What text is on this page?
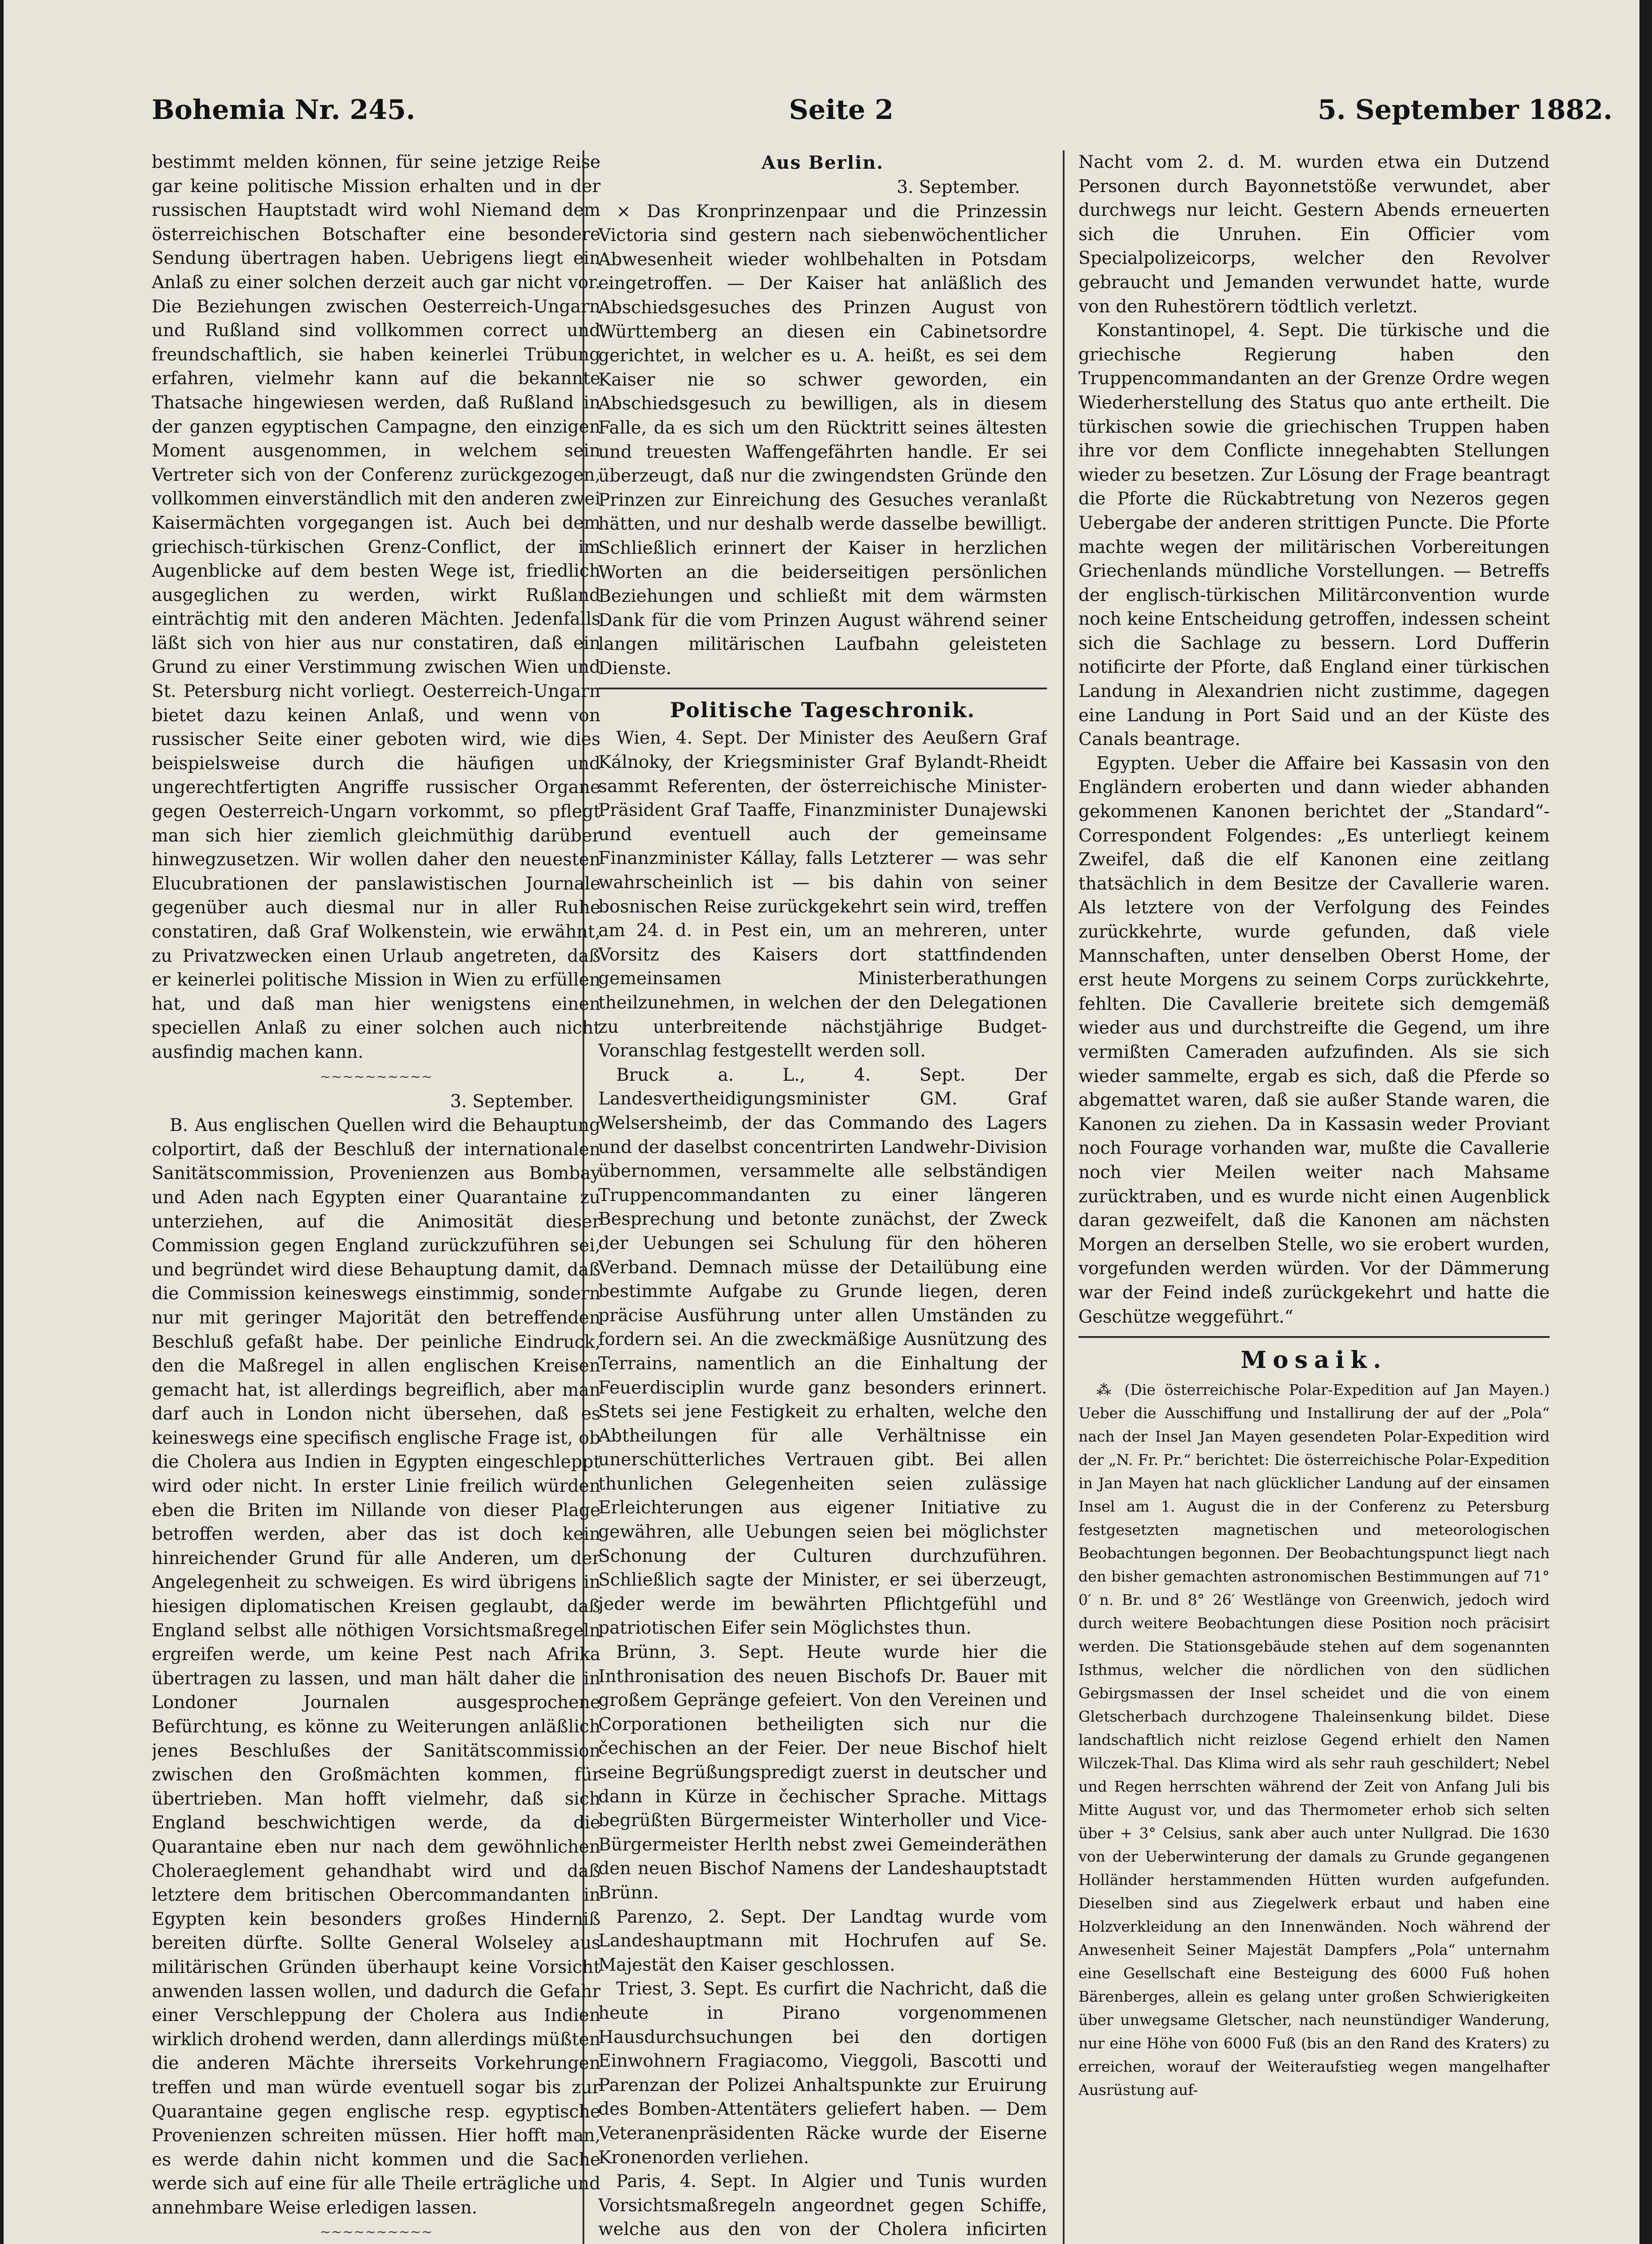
Bohemia Nr. 245.	Seite 2	5. September 1882.

bestimmt melden können, für seine jetzige Reise gar keine politische Mission erhalten und in der russischen Hauptstadt wird wohl Niemand dem österreichischen Botschafter eine besondere Sendung übertragen haben. Uebrigens liegt ein Anlaß zu einer solchen derzeit auch gar nicht vor. Die Beziehungen zwischen Oesterreich-Ungarn und Rußland sind vollkommen correct und freundschaftlich, sie haben keinerlei Trübung erfahren, vielmehr kann auf die bekannte Thatsache hingewiesen werden, daß Rußland in der ganzen egyptischen Campagne, den einzigen Moment ausgenommen, in welchem sein Vertreter sich von der Conferenz zurückgezogen, vollkommen einverständlich mit den anderen zwei Kaisermächten vorgegangen ist. Auch bei dem griechisch-türkischen Grenz-Conflict, der im Augenblicke auf dem besten Wege ist, friedlich ausgeglichen zu werden, wirkt Rußland einträchtig mit den anderen Mächten. Jedenfalls läßt sich von hier aus nur constatiren, daß ein Grund zu einer Verstimmung zwischen Wien und St. Petersburg nicht vorliegt. Oesterreich-Ungarn bietet dazu keinen Anlaß, und wenn von russischer Seite einer geboten wird, wie dies beispielsweise durch die häufigen und ungerechtfertigten Angriffe russischer Organe gegen Oesterreich-Ungarn vorkommt, so pflegt man sich hier ziemlich gleichmüthig darüber hinwegzusetzen. Wir wollen daher den neuesten Elucubrationen der panslawistischen Journale gegenüber auch diesmal nur in aller Ruhe constatiren, daß Graf Wolkenstein, wie erwähnt, zu Privatzwecken einen Urlaub angetreten, daß er keinerlei politische Mission in Wien zu erfüllen hat, und daß man hier wenigstens einen speciellen Anlaß zu einer solchen auch nicht ausfindig machen kann.

∼∼∼∼∼∼∼∼∼∼

3. September.

B. Aus englischen Quellen wird die Behauptung colportirt, daß der Beschluß der internationalen Sanitätscommission, Provenienzen aus Bombay und Aden nach Egypten einer Quarantaine zu unterziehen, auf die Animosität dieser Commission gegen England zurückzuführen sei, und begründet wird diese Behauptung damit, daß die Commission keineswegs einstimmig, sondern nur mit geringer Majorität den betreffenden Beschluß gefaßt habe. Der peinliche Eindruck, den die Maßregel in allen englischen Kreisen gemacht hat, ist allerdings begreiflich, aber man darf auch in London nicht übersehen, daß es keineswegs eine specifisch englische Frage ist, ob die Cholera aus Indien in Egypten eingeschleppt wird oder nicht. In erster Linie freilich würden eben die Briten im Nillande von dieser Plage betroffen werden, aber das ist doch kein hinreichender Grund für alle Anderen, um der Angelegenheit zu schweigen. Es wird übrigens in hiesigen diplomatischen Kreisen geglaubt, daß England selbst alle nöthigen Vorsichtsmaßregeln ergreifen werde, um keine Pest nach Afrika übertragen zu lassen, und man hält daher die in Londoner Journalen ausgesprochene Befürchtung, es könne zu Weiterungen anläßlich jenes Beschlußes der Sanitätscommission zwischen den Großmächten kommen, für übertrieben. Man hofft vielmehr, daß sich England beschwichtigen werde, da die Quarantaine eben nur nach dem gewöhnlichen Choleraeglement gehandhabt wird und daß letztere dem britischen Obercommandanten in Egypten kein besonders großes Hinderniß bereiten dürfte. Sollte General Wolseley aus militärischen Gründen überhaupt keine Vorsicht anwenden lassen wollen, und dadurch die Gefahr einer Verschleppung der Cholera aus Indien wirklich drohend werden, dann allerdings müßten die anderen Mächte ihrerseits Vorkehrungen treffen und man würde eventuell sogar bis zur Quarantaine gegen englische resp. egyptische Provenienzen schreiten müssen. Hier hofft man, es werde dahin nicht kommen und die Sache werde sich auf eine für alle Theile erträgliche und annehmbare Weise erledigen lassen.

∼∼∼∼∼∼∼∼∼∼

Aus Berlin.

3. September.

× Das Kronprinzenpaar und die Prinzessin Victoria sind gestern nach siebenwöchentlicher Abwesenheit wieder wohlbehalten in Potsdam eingetroffen. — Der Kaiser hat anläßlich des Abschiedsgesuches des Prinzen August von Württemberg an diesen ein Cabinetsordre gerichtet, in welcher es u. A. heißt, es sei dem Kaiser nie so schwer geworden, ein Abschiedsgesuch zu bewilligen, als in diesem Falle, da es sich um den Rücktritt seines ältesten und treuesten Waffengefährten handle. Er sei überzeugt, daß nur die zwingendsten Gründe den Prinzen zur Einreichung des Gesuches veranlaßt hätten, und nur deshalb werde dasselbe bewilligt. Schließlich erinnert der Kaiser in herzlichen Worten an die beiderseitigen persönlichen Beziehungen und schließt mit dem wärmsten Dank für die vom Prinzen August während seiner langen militärischen Laufbahn geleisteten Dienste.

Politische Tageschronik.

Wien, 4. Sept. Der Minister des Aeußern Graf Kálnoky, der Kriegsminister Graf Bylandt-Rheidt sammt Referenten, der österreichische Minister-Präsident Graf Taaffe, Finanzminister Dunajewski und eventuell auch der gemeinsame Finanzminister Kállay, falls Letzterer — was sehr wahrscheinlich ist — bis dahin von seiner bosnischen Reise zurückgekehrt sein wird, treffen am 24. d. in Pest ein, um an mehreren, unter Vorsitz des Kaisers dort stattfindenden gemeinsamen Ministerberathungen theilzunehmen, in welchen der den Delegationen zu unterbreitende nächstjährige Budget-Voranschlag festgestellt werden soll.

Bruck a. L., 4. Sept. Der Landesvertheidigungsminister GM. Graf Welsersheimb, der das Commando des Lagers und der daselbst concentrirten Landwehr-Division übernommen, versammelte alle selbständigen Truppencommandanten zu einer längeren Besprechung und betonte zunächst, der Zweck der Uebungen sei Schulung für den höheren Verband. Demnach müsse der Detailübung eine bestimmte Aufgabe zu Grunde liegen, deren präcise Ausführung unter allen Umständen zu fordern sei. An die zweckmäßige Ausnützung des Terrains, namentlich an die Einhaltung der Feuerdisciplin wurde ganz besonders erinnert. Stets sei jene Festigkeit zu erhalten, welche den Abtheilungen für alle Verhältnisse ein unerschütterliches Vertrauen gibt. Bei allen thunlichen Gelegenheiten seien zulässige Erleichterungen aus eigener Initiative zu gewähren, alle Uebungen seien bei möglichster Schonung der Culturen durchzuführen. Schließlich sagte der Minister, er sei überzeugt, jeder werde im bewährten Pflichtgefühl und patriotischen Eifer sein Möglichstes thun.

Brünn, 3. Sept. Heute wurde hier die Inthronisation des neuen Bischofs Dr. Bauer mit großem Gepränge gefeiert. Von den Vereinen und Corporationen betheiligten sich nur die čechischen an der Feier. Der neue Bischof hielt seine Begrüßungspredigt zuerst in deutscher und dann in Kürze in čechischer Sprache. Mittags begrüßten Bürgermeister Winterholler und Vice-Bürgermeister Herlth nebst zwei Gemeinderäthen den neuen Bischof Namens der Landeshauptstadt Brünn.

Parenzo, 2. Sept. Der Landtag wurde vom Landeshauptmann mit Hochrufen auf Se. Majestät den Kaiser geschlossen.

Triest, 3. Sept. Es curfirt die Nachricht, daß die heute in Pirano vorgenommenen Hausdurchsuchungen bei den dortigen Einwohnern Fragiacomo, Vieggoli, Bascotti und Parenzan der Polizei Anhaltspunkte zur Eruirung des Bomben-Attentäters geliefert haben. — Dem Veteranenpräsidenten Räcke wurde der Eiserne Kronenorden verliehen.

Paris, 4. Sept. In Algier und Tunis wurden Vorsichtsmaßregeln angeordnet gegen Schiffe, welche aus den von der Cholera inficirten

Nacht vom 2. d. M. wurden etwa ein Dutzend Personen durch Bayonnetstöße verwundet, aber durchwegs nur leicht. Gestern Abends erneuerten sich die Unruhen. Ein Officier vom Specialpolizeicorps, welcher den Revolver gebraucht und Jemanden verwundet hatte, wurde von den Ruhestörern tödtlich verletzt.

Konstantinopel, 4. Sept. Die türkische und die griechische Regierung haben den Truppencommandanten an der Grenze Ordre wegen Wiederherstellung des Status quo ante ertheilt. Die türkischen sowie die griechischen Truppen haben ihre vor dem Conflicte innegehabten Stellungen wieder zu besetzen. Zur Lösung der Frage beantragt die Pforte die Rückabtretung von Nezeros gegen Uebergabe der anderen strittigen Puncte. Die Pforte machte wegen der militärischen Vorbereitungen Griechenlands mündliche Vorstellungen. — Betreffs der englisch-türkischen Militärconvention wurde noch keine Entscheidung getroffen, indessen scheint sich die Sachlage zu bessern. Lord Dufferin notificirte der Pforte, daß England einer türkischen Landung in Alexandrien nicht zustimme, dagegen eine Landung in Port Said und an der Küste des Canals beantrage.

Egypten. Ueber die Affaire bei Kassasin von den Engländern eroberten und dann wieder abhanden gekommenen Kanonen berichtet der „Standard“-Correspondent Folgendes: „Es unterliegt keinem Zweifel, daß die elf Kanonen eine zeitlang thatsächlich in dem Besitze der Cavallerie waren. Als letztere von der Verfolgung des Feindes zurückkehrte, wurde gefunden, daß viele Mannschaften, unter denselben Oberst Home, der erst heute Morgens zu seinem Corps zurückkehrte, fehlten. Die Cavallerie breitete sich demgemäß wieder aus und durchstreifte die Gegend, um ihre vermißten Cameraden aufzufinden. Als sie sich wieder sammelte, ergab es sich, daß die Pferde so abgemattet waren, daß sie außer Stande waren, die Kanonen zu ziehen. Da in Kassasin weder Proviant noch Fourage vorhanden war, mußte die Cavallerie noch vier Meilen weiter nach Mahsame zurücktraben, und es wurde nicht einen Augenblick daran gezweifelt, daß die Kanonen am nächsten Morgen an derselben Stelle, wo sie erobert wurden, vorgefunden werden würden. Vor der Dämmerung war der Feind indeß zurückgekehrt und hatte die Geschütze weggeführt.“

Mosaik.

⁂ (Die österreichische Polar-Expedition auf Jan Mayen.) Ueber die Ausschiffung und Installirung der auf der „Pola“ nach der Insel Jan Mayen gesendeten Polar-Expedition wird der „N. Fr. Pr.“ berichtet: Die österreichische Polar-Expedition in Jan Mayen hat nach glücklicher Landung auf der einsamen Insel am 1. August die in der Conferenz zu Petersburg festgesetzten magnetischen und meteorologischen Beobachtungen begonnen. Der Beobachtungspunct liegt nach den bisher gemachten astronomischen Bestimmungen auf 71° 0′ n. Br. und 8° 26′ Westlänge von Greenwich, jedoch wird durch weitere Beobachtungen diese Position noch präcisirt werden. Die Stationsgebäude stehen auf dem sogenannten Isthmus, welcher die nördlichen von den südlichen Gebirgsmassen der Insel scheidet und die von einem Gletscherbach durchzogene Thaleinsenkung bildet. Diese landschaftlich nicht reizlose Gegend erhielt den Namen Wilczek-Thal. Das Klima wird als sehr rauh geschildert; Nebel und Regen herrschten während der Zeit von Anfang Juli bis Mitte August vor, und das Thermometer erhob sich selten über + 3° Celsius, sank aber auch unter Nullgrad. Die 1630 von der Ueberwinterung der damals zu Grunde gegangenen Holländer herstammenden Hütten wurden aufgefunden. Dieselben sind aus Ziegelwerk erbaut und haben eine Holzverkleidung an den Innenwänden. Noch während der Anwesenheit Seiner Majestät Dampfers „Pola“ unternahm eine Gesellschaft eine Besteigung des 6000 Fuß hohen Bärenberges, allein es gelang unter großen Schwierigkeiten über unwegsame Gletscher, nach neunstündiger Wanderung, nur eine Höhe von 6000 Fuß (bis an den Rand des Kraters) zu erreichen, worauf der Weiteraufstieg wegen mangelhafter Ausrüstung auf-
